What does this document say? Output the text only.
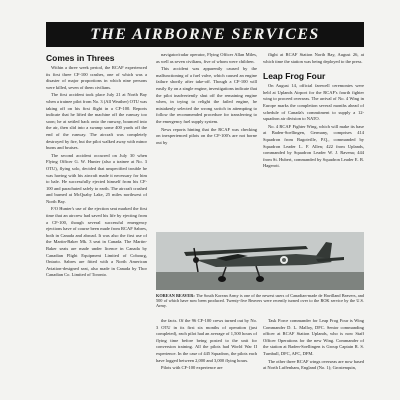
THE AIRBORNE SERVICES
Comes in Threes

Within a three week period, the RCAF experienced its first three CF-100 crashes, one of which was a disaster of major proportions in which nine persons were killed, seven of them civilians.

The first accident took place July 21 at North Bay when a trainee pilot from No. 3 (All Weather) OTU was taking off on his first flight in a CF-100. Reports indicate that he lifted the machine off the runway too soon; he at settled back onto the runway, bounced into the air, then slid into a swamp some 400 yards off the end of the runway. The aircraft was completely destroyed by fire, but the pilot walked away with minor burns and bruises.

The second accident occurred on July 30 when Flying Officer G. W. Hunter (also a trainee at No. 3 OTU), flying solo, decided that unspecified trouble he was having with his aircraft made it necessary for him to bale. He successfully ejected himself from his CF-100 and parachuted safely to earth. The aircraft crashed and burned at McQuaby Lake, 25 miles northwest of North Bay.

F/O Hunter's use of the ejection seat marked the first time that an aircrew had saved his life by ejecting from a CF-100, though several successful emergency ejections have of course been made from RCAF Sabres, both in Canada and abroad. It was also the first use of the Martin-Baker Mk. 3 seat in Canada. The Martin-Baker seats are made under licence in Canada by Canadian Flight Equipment Limited of Cobourg, Ontario. Sabres are fitted with a North American Aviation-designed seat, also made in Canada by Thor Canadian Co. Limited of Toronto.

navigator/radar operator, Flying Officer Allan Miles, as well as seven civilians, five of whom were children.

This accident was apparently caused by the malfunctioning of a fuel valve, which caused an engine failure shortly after take-off. Though a CF-100 will easily fly on a single engine, investigations indicate that the pilot inadvertently shut off the remaining engine when, in trying to relight the failed engine, he mistakenly selected the wrong switch in attempting to follow the recommended procedure for transferring to the emergency fuel supply system.

News reports hinting that the RCAF was checking on inexperienced pilots on the CF-100's are not borne out by

flight at RCAF Station North Bay, August 26, at which time the station was being deployed to the press.

Leap Frog Four

On August 14, official farewell ceremonies were held at Uplands Airport for the RCAF's fourth fighter wing to proceed overseas. The arrival of No. 4 Wing in Europe marks the completion several months ahead of schedule of Canada's commitment to supply a 12-squadron air division to NATO.

No. 4 RCAF Fighter Wing, which will make its base at Baden-Soellingen, Germany, comprises 414 Squadron from Bagotville, P.Q., commanded by Squadron Leader L. F. Allen; 422 from Uplands, commanded by Squadron Leader W. J. Ravena; 444 from St. Hubert, commanded by Squadron Leader E. B. Hagerott.

KOREAN BEAVER: The South Korean Army is one of the newest users of Canadian-made de Havilland Beavers, and 500 of which have now been produced. Twenty-five Beavers were recently turned over to the ROK service by the U.S. Army.

the facts. Of the 96 CF-100 crews turned out by No. 3 OTU in its first six months of operation (just completed), each pilot had an average of 1,500 hours of flying time before being posted to the unit for conversion training. All the pilots had World War II experience. In the case of 445 Squadron, the pilots each have logged between 2,000 and 3,000 flying hours.

Pilots with CF-100 experience are

Task Force commander for Leap Frog Four is Wing Commander D. L. Malloy, DFC. Senior commanding officer at RCAF Station Uplands, who is now Staff Officer Operations for the new Wing. Commander of the station at Baden-Soellingen is Group Captain R. S. Turnbull, DFC, AFC, DFM.

The other three RCAF wings overseas are now based at North Luffenham, England (No. 1); Grostenquin,
